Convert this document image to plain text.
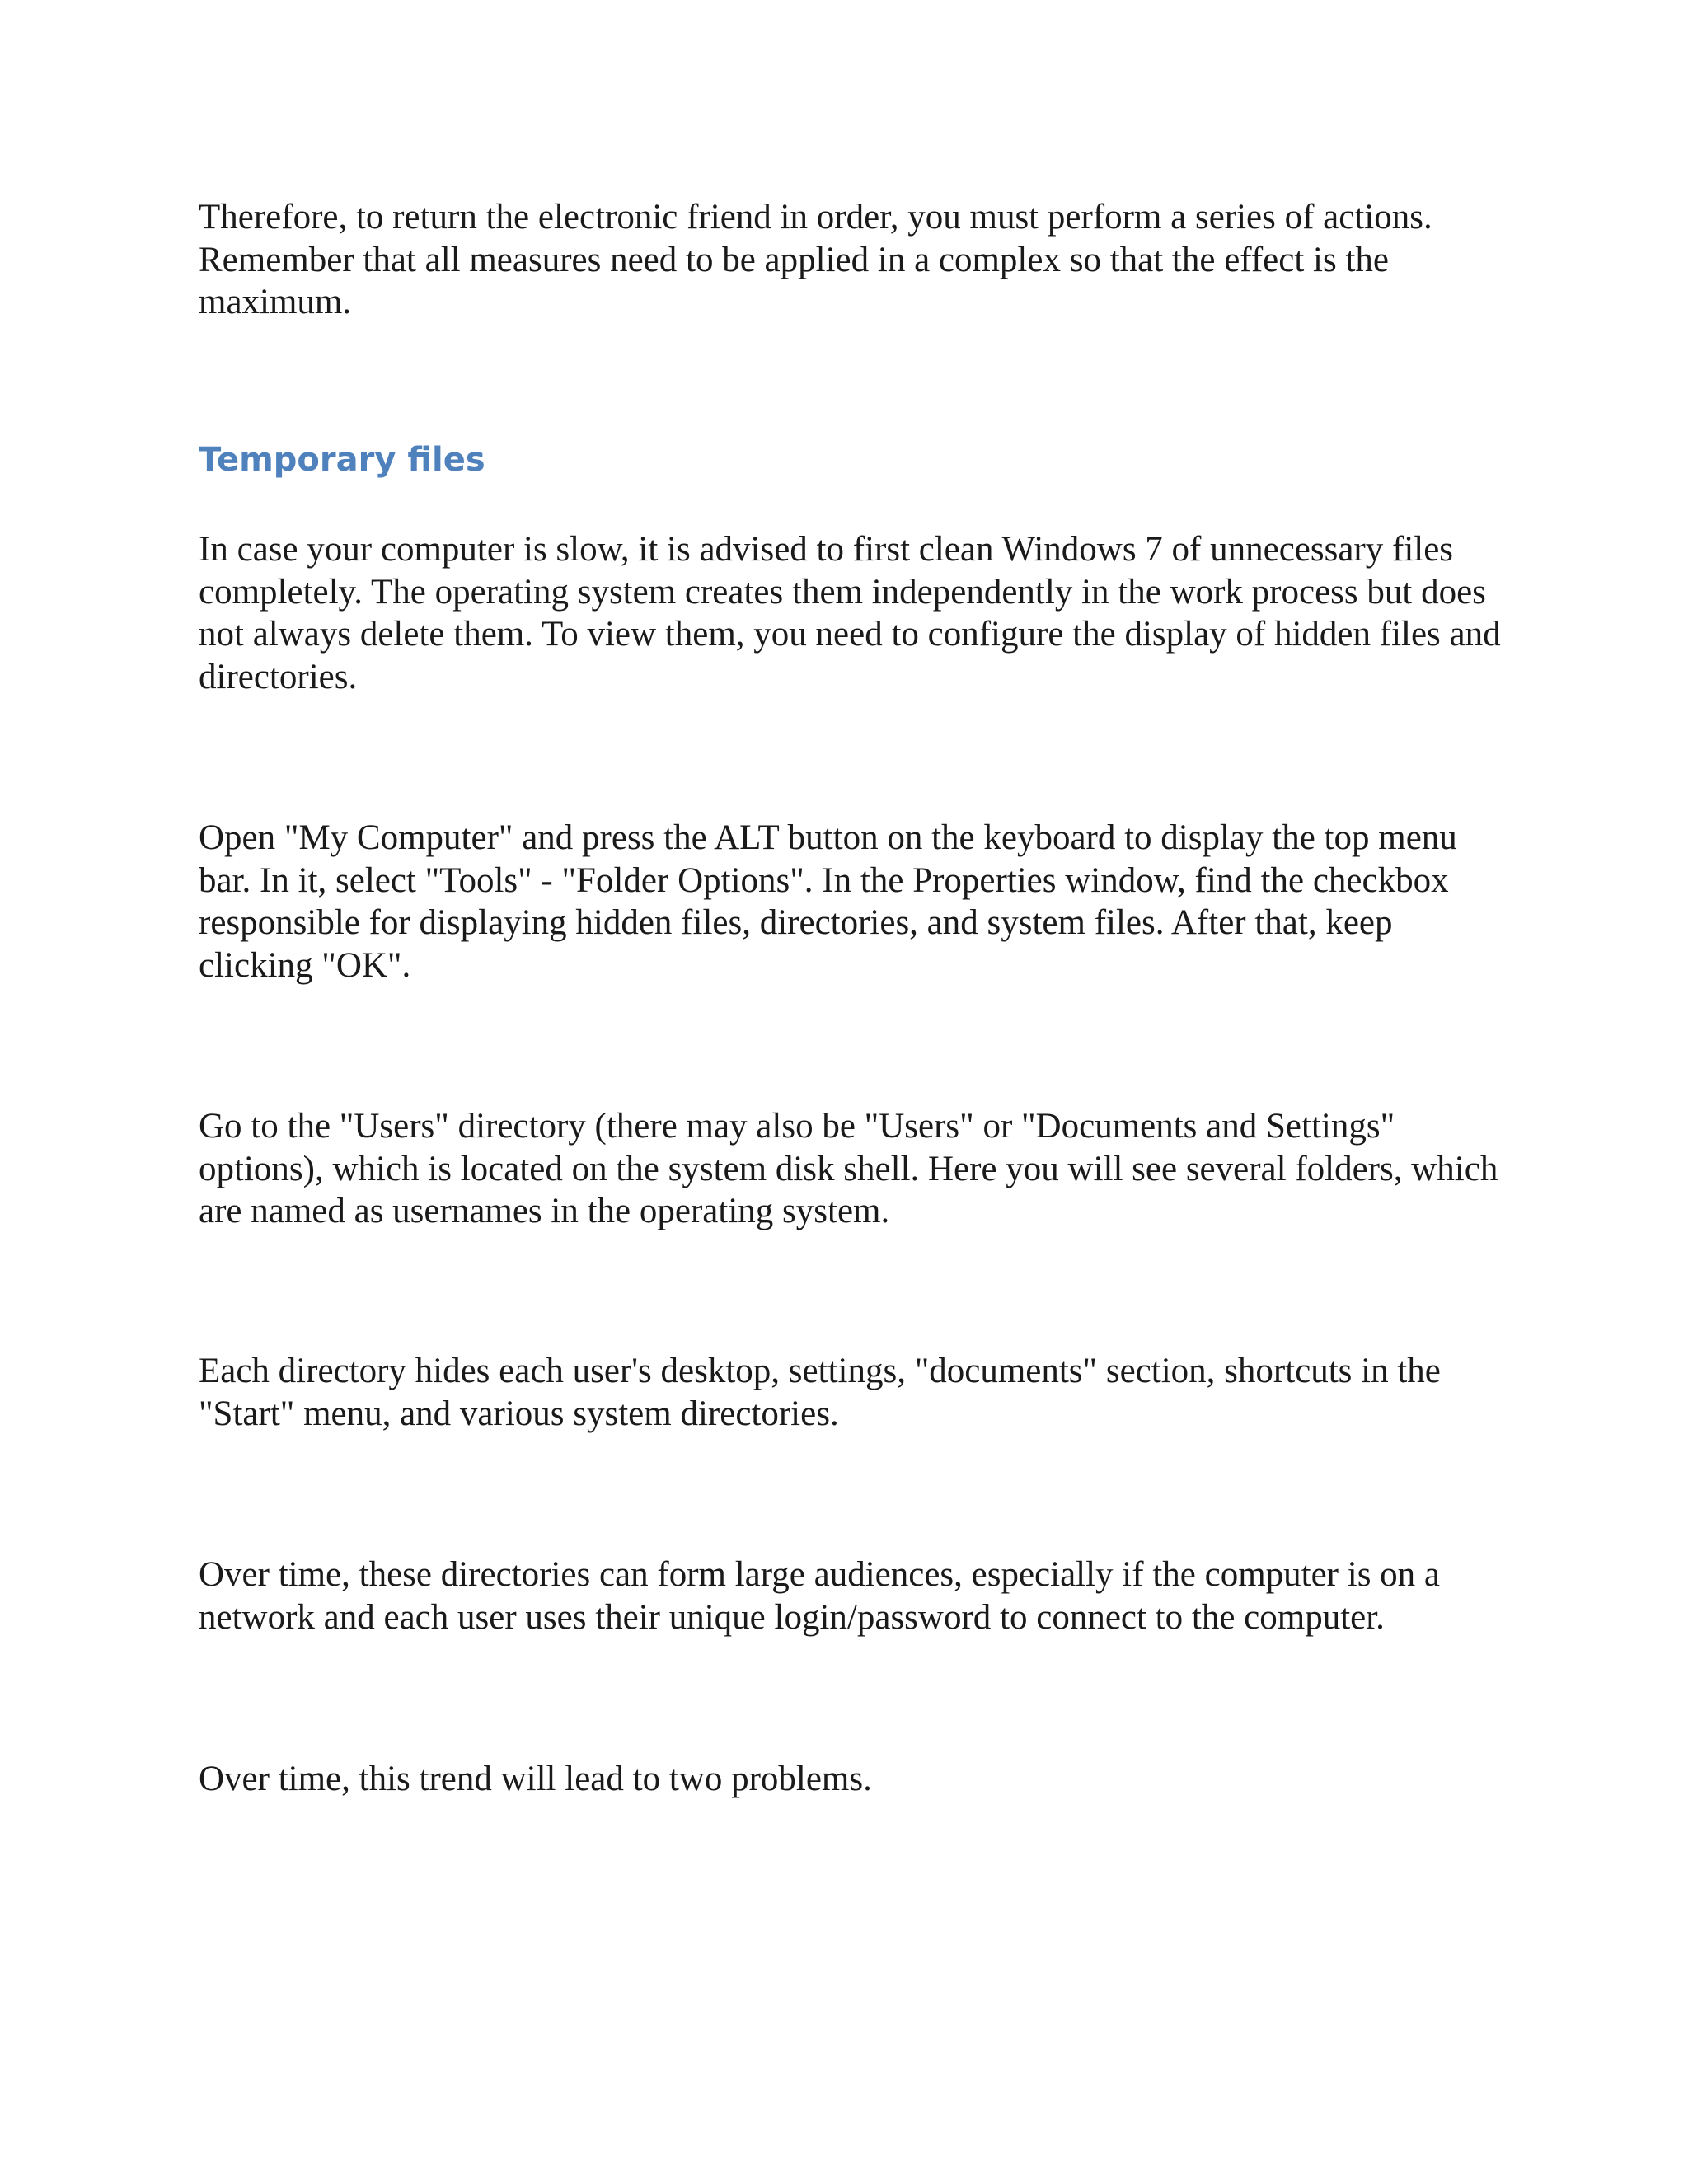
Therefore, to return the electronic friend in order, you must perform a series of actions. Remember that all measures need to be applied in a complex so that the effect is the maximum.

Temporary files

In case your computer is slow, it is advised to first clean Windows 7 of unnecessary files completely. The operating system creates them independently in the work process but does not always delete them. To view them, you need to configure the display of hidden files and directories.

Open "My Computer" and press the ALT button on the keyboard to display the top menu bar. In it, select "Tools" - "Folder Options". In the Properties window, find the checkbox responsible for displaying hidden files, directories, and system files. After that, keep clicking "OK".

Go to the "Users" directory (there may also be "Users" or "Documents and Settings" options), which is located on the system disk shell. Here you will see several folders, which are named as usernames in the operating system.

Each directory hides each user's desktop, settings, "documents" section, shortcuts in the "Start" menu, and various system directories.

Over time, these directories can form large audiences, especially if the computer is on a network and each user uses their unique login/password to connect to the computer.

Over time, this trend will lead to two problems.
